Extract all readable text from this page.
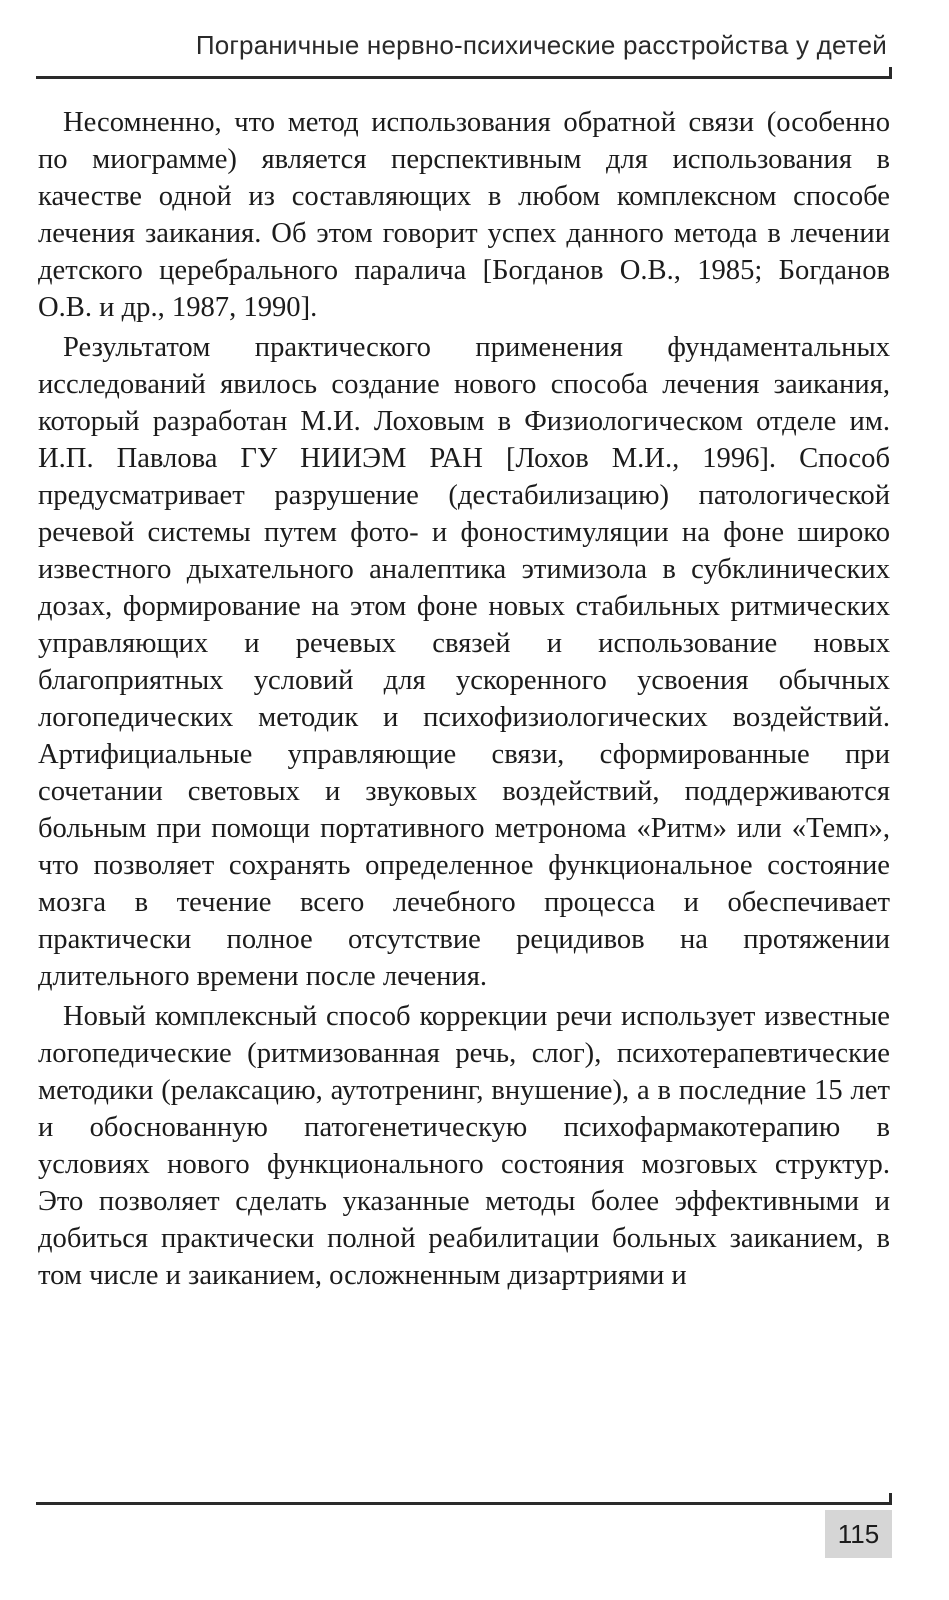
Пограничные нервно-психические расстройства у детей

Несомненно, что метод использования обратной связи (особенно по миограмме) является перспективным для использования в качестве одной из составляющих в любом комплексном способе лечения заикания. Об этом говорит успех данного метода в лечении детского церебрального паралича [Богданов О.В., 1985; Богданов О.В. и др., 1987, 1990].

Результатом практического применения фундаментальных исследований явилось создание нового способа лечения заикания, который разработан М.И. Лоховым в Физиологическом отделе им. И.П. Павлова ГУ НИИЭМ РАН [Лохов М.И., 1996]. Способ предусматривает разрушение (дестабилизацию) патологической речевой системы путем фото- и фоностимуляции на фоне широко известного дыхательного аналептика этимизола в субклинических дозах, формирование на этом фоне новых стабильных ритмических управляющих и речевых связей и использование новых благоприятных условий для ускоренного усвоения обычных логопедических методик и психофизиологических воздействий. Артифициальные управляющие связи, сформированные при сочетании световых и звуковых воздействий, поддерживаются больным при помощи портативного метронома «Ритм» или «Темп», что позволяет сохранять определенное функциональное состояние мозга в течение всего лечебного процесса и обеспечивает практически полное отсутствие рецидивов на протяжении длительного времени после лечения.

Новый комплексный способ коррекции речи использует известные логопедические (ритмизованная речь, слог), психотерапевтические методики (релаксацию, аутотренинг, внушение), а в последние 15 лет и обоснованную патогенетическую психофармакотерапию в условиях нового функционального состояния мозговых структур. Это позволяет сделать указанные методы более эффективными и добиться практически полной реабилитации больных заиканием, в том числе и заиканием, осложненным дизартриями и

115
